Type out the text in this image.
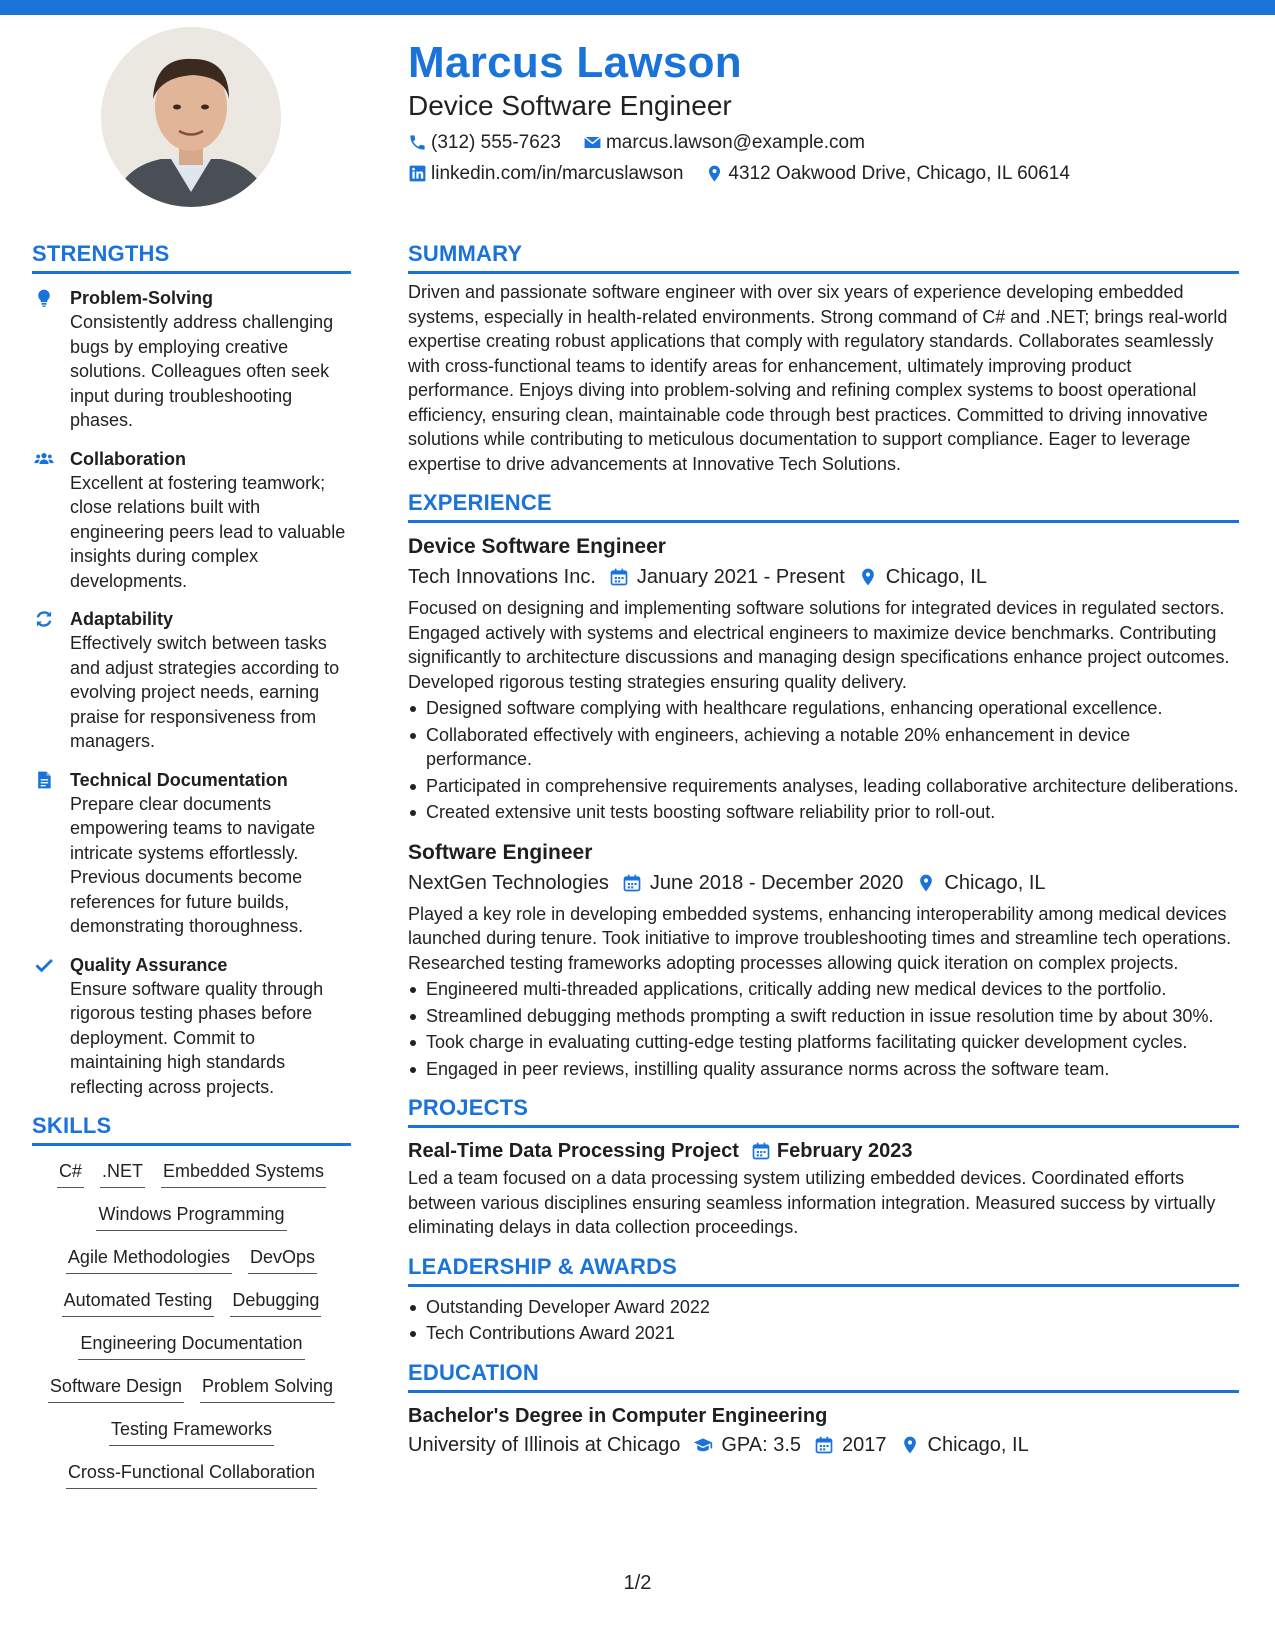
Marcus Lawson
Device Software Engineer
(312) 555-7623 marcus.lawson@example.com
linkedin.com/in/marcuslawson 4312 Oakwood Drive, Chicago, IL 60614
STRENGTHS
Problem-Solving
Consistently address challenging bugs by employing creative solutions. Colleagues often seek input during troubleshooting phases.
Collaboration
Excellent at fostering teamwork; close relations built with engineering peers lead to valuable insights during complex developments.
Adaptability
Effectively switch between tasks and adjust strategies according to evolving project needs, earning praise for responsiveness from managers.
Technical Documentation
Prepare clear documents empowering teams to navigate intricate systems effortlessly. Previous documents become references for future builds, demonstrating thoroughness.
Quality Assurance
Ensure software quality through rigorous testing phases before deployment. Commit to maintaining high standards reflecting across projects.
SKILLS
C# .NET Embedded Systems
Windows Programming
Agile Methodologies DevOps
Automated Testing Debugging
Engineering Documentation
Software Design Problem Solving
Testing Frameworks
Cross-Functional Collaboration
SUMMARY
Driven and passionate software engineer with over six years of experience developing embedded systems, especially in health-related environments. Strong command of C# and .NET; brings real-world expertise creating robust applications that comply with regulatory standards. Collaborates seamlessly with cross-functional teams to identify areas for enhancement, ultimately improving product performance. Enjoys diving into problem-solving and refining complex systems to boost operational efficiency, ensuring clean, maintainable code through best practices. Committed to driving innovative solutions while contributing to meticulous documentation to support compliance. Eager to leverage expertise to drive advancements at Innovative Tech Solutions.
EXPERIENCE
Device Software Engineer
Tech Innovations Inc. January 2021 - Present Chicago, IL
Focused on designing and implementing software solutions for integrated devices in regulated sectors. Engaged actively with systems and electrical engineers to maximize device benchmarks. Contributing significantly to architecture discussions and managing design specifications enhance project outcomes. Developed rigorous testing strategies ensuring quality delivery.
Designed software complying with healthcare regulations, enhancing operational excellence.
Collaborated effectively with engineers, achieving a notable 20% enhancement in device performance.
Participated in comprehensive requirements analyses, leading collaborative architecture deliberations.
Created extensive unit tests boosting software reliability prior to roll-out.
Software Engineer
NextGen Technologies June 2018 - December 2020 Chicago, IL
Played a key role in developing embedded systems, enhancing interoperability among medical devices launched during tenure. Took initiative to improve troubleshooting times and streamline tech operations. Researched testing frameworks adopting processes allowing quick iteration on complex projects.
Engineered multi-threaded applications, critically adding new medical devices to the portfolio.
Streamlined debugging methods prompting a swift reduction in issue resolution time by about 30%.
Took charge in evaluating cutting-edge testing platforms facilitating quicker development cycles.
Engaged in peer reviews, instilling quality assurance norms across the software team.
PROJECTS
Real-Time Data Processing Project February 2023
Led a team focused on a data processing system utilizing embedded devices. Coordinated efforts between various disciplines ensuring seamless information integration. Measured success by virtually eliminating delays in data collection proceedings.
LEADERSHIP & AWARDS
Outstanding Developer Award 2022
Tech Contributions Award 2021
EDUCATION
Bachelor's Degree in Computer Engineering
University of Illinois at Chicago GPA: 3.5 2017 Chicago, IL
1/2
